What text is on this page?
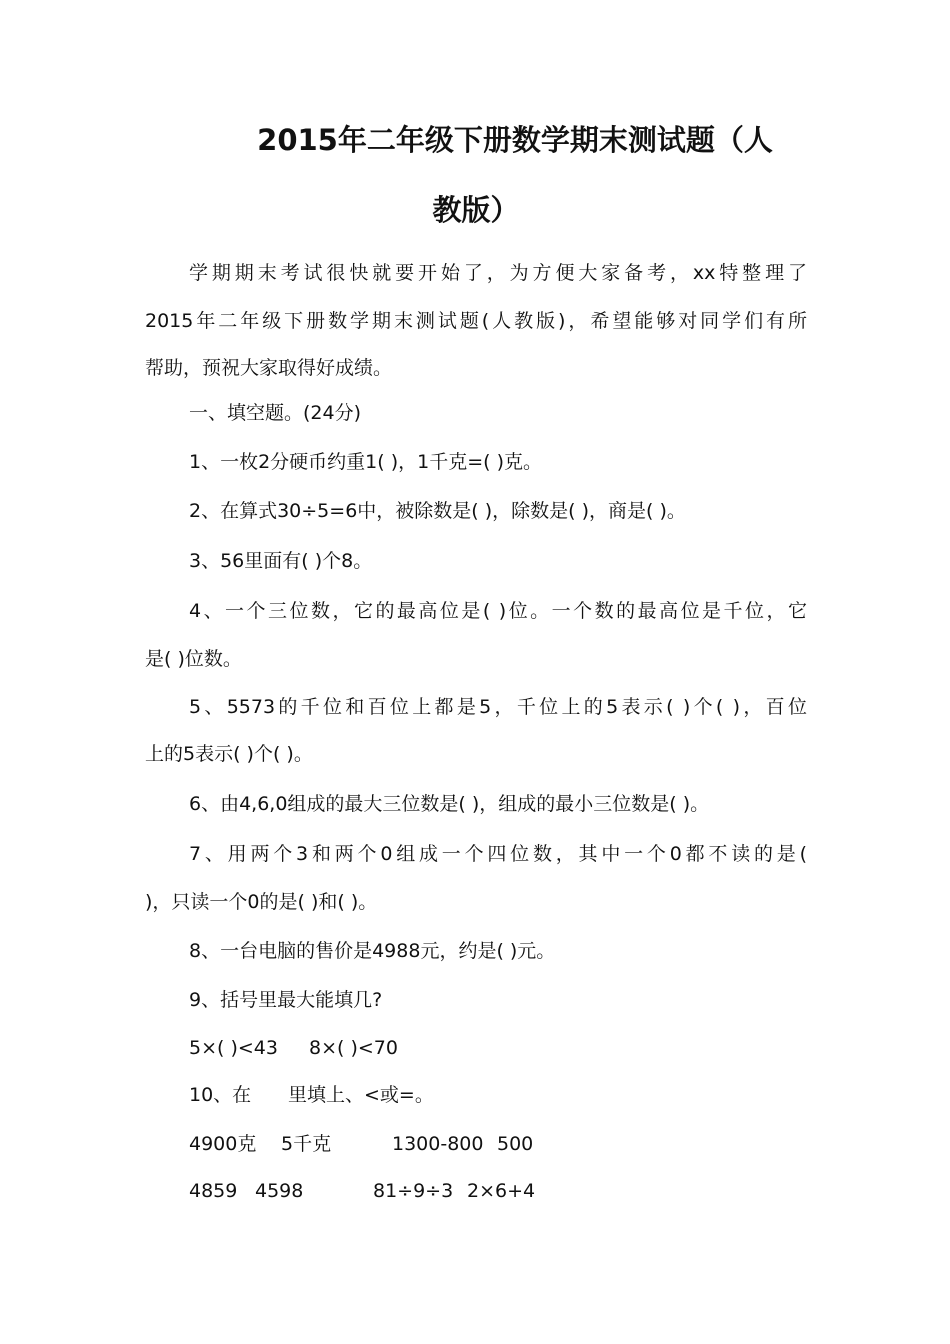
2015年二年级下册数学期末测试题（人
教版）
学期期末考试很快就要开始了，为方便大家备考，xx特整理了
2015年二年级下册数学期末测试题(人教版)，希望能够对同学们有所
帮助，预祝大家取得好成绩。
一、填空题。(24分)
1、一枚2分硬币约重1( )，1千克=( )克。
2、在算式30÷5=6中，被除数是( )，除数是( )，商是( )。
3、56里面有( )个8。
4、一个三位数，它的最高位是( )位。一个数的最高位是千位，它
是( )位数。
5、5573的千位和百位上都是5，千位上的5表示( )个( )，百位
上的5表示( )个( )。
6、由4,6,0组成的最大三位数是( )，组成的最小三位数是( )。
7、用两个3和两个0组成一个四位数，其中一个0都不读的是(
)，只读一个0的是( )和( )。
8、一台电脑的售价是4988元，约是( )元。
9、括号里最大能填几?
5×( )<43 8×( )<70
10、在 里填上、<或=。
4900克 5千克	1300-800 500
4859 4598	81÷9÷3 2×6+4
